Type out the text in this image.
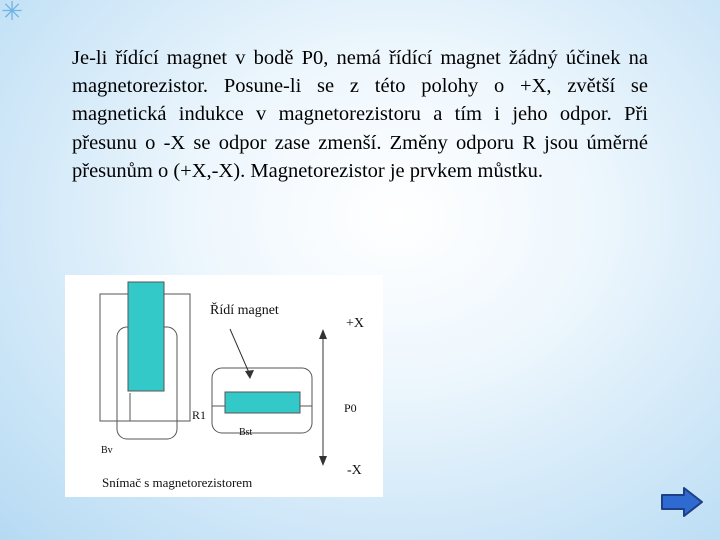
✳

Je-li řídící magnet v bodě P0, nemá řídící magnet žádný účinek na magnetorezistor. Posune-li se z této polohy o +X, zvětší se magnetická indukce v magnetorezistoru a tím i jeho odpor. Při přesunu o -X se odpor zase zmenší. Změny odporu R jsou úměrné přesunům o (+X,-X). Magnetorezistor je prvkem můstku.

Řídí magnet
+X
P0
-X
R1
Bst
Bv
Snímač s magnetorezistorem
